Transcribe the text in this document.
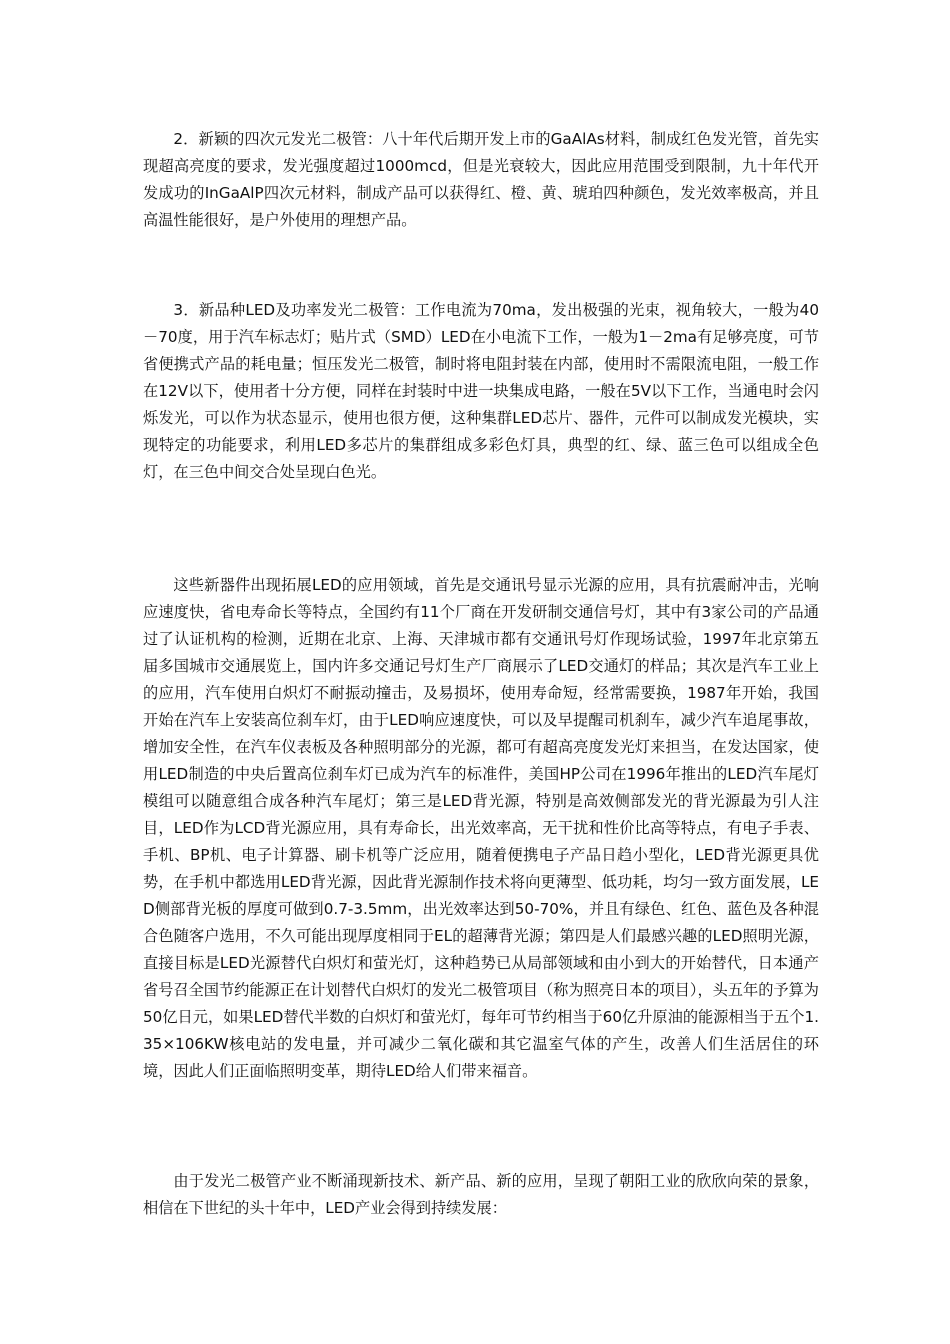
2．新颖的四次元发光二极管：八十年代后期开发上市的GaAlAs材料，制成红色发光管，首先实现超高亮度的要求，发光强度超过1000mcd，但是光衰较大，因此应用范围受到限制，九十年代开发成功的InGaAlP四次元材料，制成产品可以获得红、橙、黄、琥珀四种颜色，发光效率极高，并且高温性能很好，是户外使用的理想产品。

3．新品种LED及功率发光二极管：工作电流为70ma，发出极强的光束，视角较大，一般为40－70度，用于汽车标志灯；贴片式（SMD）LED在小电流下工作，一般为1－2ma有足够亮度，可节省便携式产品的耗电量；恒压发光二极管，制时将电阻封装在内部，使用时不需限流电阻，一般工作在12V以下，使用者十分方便，同样在封装时中进一块集成电路，一般在5V以下工作，当通电时会闪烁发光，可以作为状态显示，使用也很方便，这种集群LED芯片、器件，元件可以制成发光模块，实现特定的功能要求，利用LED多芯片的集群组成多彩色灯具，典型的红、绿、蓝三色可以组成全色灯，在三色中间交合处呈现白色光。

这些新器件出现拓展LED的应用领域，首先是交通讯号显示光源的应用，具有抗震耐冲击，光响应速度快，省电寿命长等特点，全国约有11个厂商在开发研制交通信号灯，其中有3家公司的产品通过了认证机构的检测，近期在北京、上海、天津城市都有交通讯号灯作现场试验，1997年北京第五届多国城市交通展览上，国内许多交通记号灯生产厂商展示了LED交通灯的样品；其次是汽车工业上的应用，汽车使用白炽灯不耐振动撞击，及易损坏，使用寿命短，经常需要换，1987年开始，我国开始在汽车上安装高位刹车灯，由于LED响应速度快，可以及早提醒司机刹车，减少汽车追尾事故，增加安全性，在汽车仪表板及各种照明部分的光源，都可有超高亮度发光灯来担当，在发达国家，使用LED制造的中央后置高位刹车灯已成为汽车的标准件，美国HP公司在1996年推出的LED汽车尾灯模组可以随意组合成各种汽车尾灯；第三是LED背光源，特别是高效侧部发光的背光源最为引人注目，LED作为LCD背光源应用，具有寿命长，出光效率高，无干扰和性价比高等特点，有电子手表、手机、BP机、电子计算器、刷卡机等广泛应用，随着便携电子产品日趋小型化，LED背光源更具优势，在手机中都选用LED背光源，因此背光源制作技术将向更薄型、低功耗，均匀一致方面发展，LED侧部背光板的厚度可做到0.7-3.5mm，出光效率达到50-70%，并且有绿色、红色、蓝色及各种混合色随客户选用，不久可能出现厚度相同于EL的超薄背光源；第四是人们最感兴趣的LED照明光源，直接目标是LED光源替代白炽灯和萤光灯，这种趋势已从局部领域和由小到大的开始替代，日本通产省号召全国节约能源正在计划替代白炽灯的发光二极管项目（称为照亮日本的项目），头五年的予算为50亿日元，如果LED替代半数的白炽灯和萤光灯，每年可节约相当于60亿升原油的能源相当于五个1.35×106KW核电站的发电量，并可减少二氧化碳和其它温室气体的产生，改善人们生活居住的环境，因此人们正面临照明变革，期待LED给人们带来福音。

由于发光二极管产业不断涌现新技术、新产品、新的应用，呈现了朝阳工业的欣欣向荣的景象，相信在下世纪的头十年中，LED产业会得到持续发展：
